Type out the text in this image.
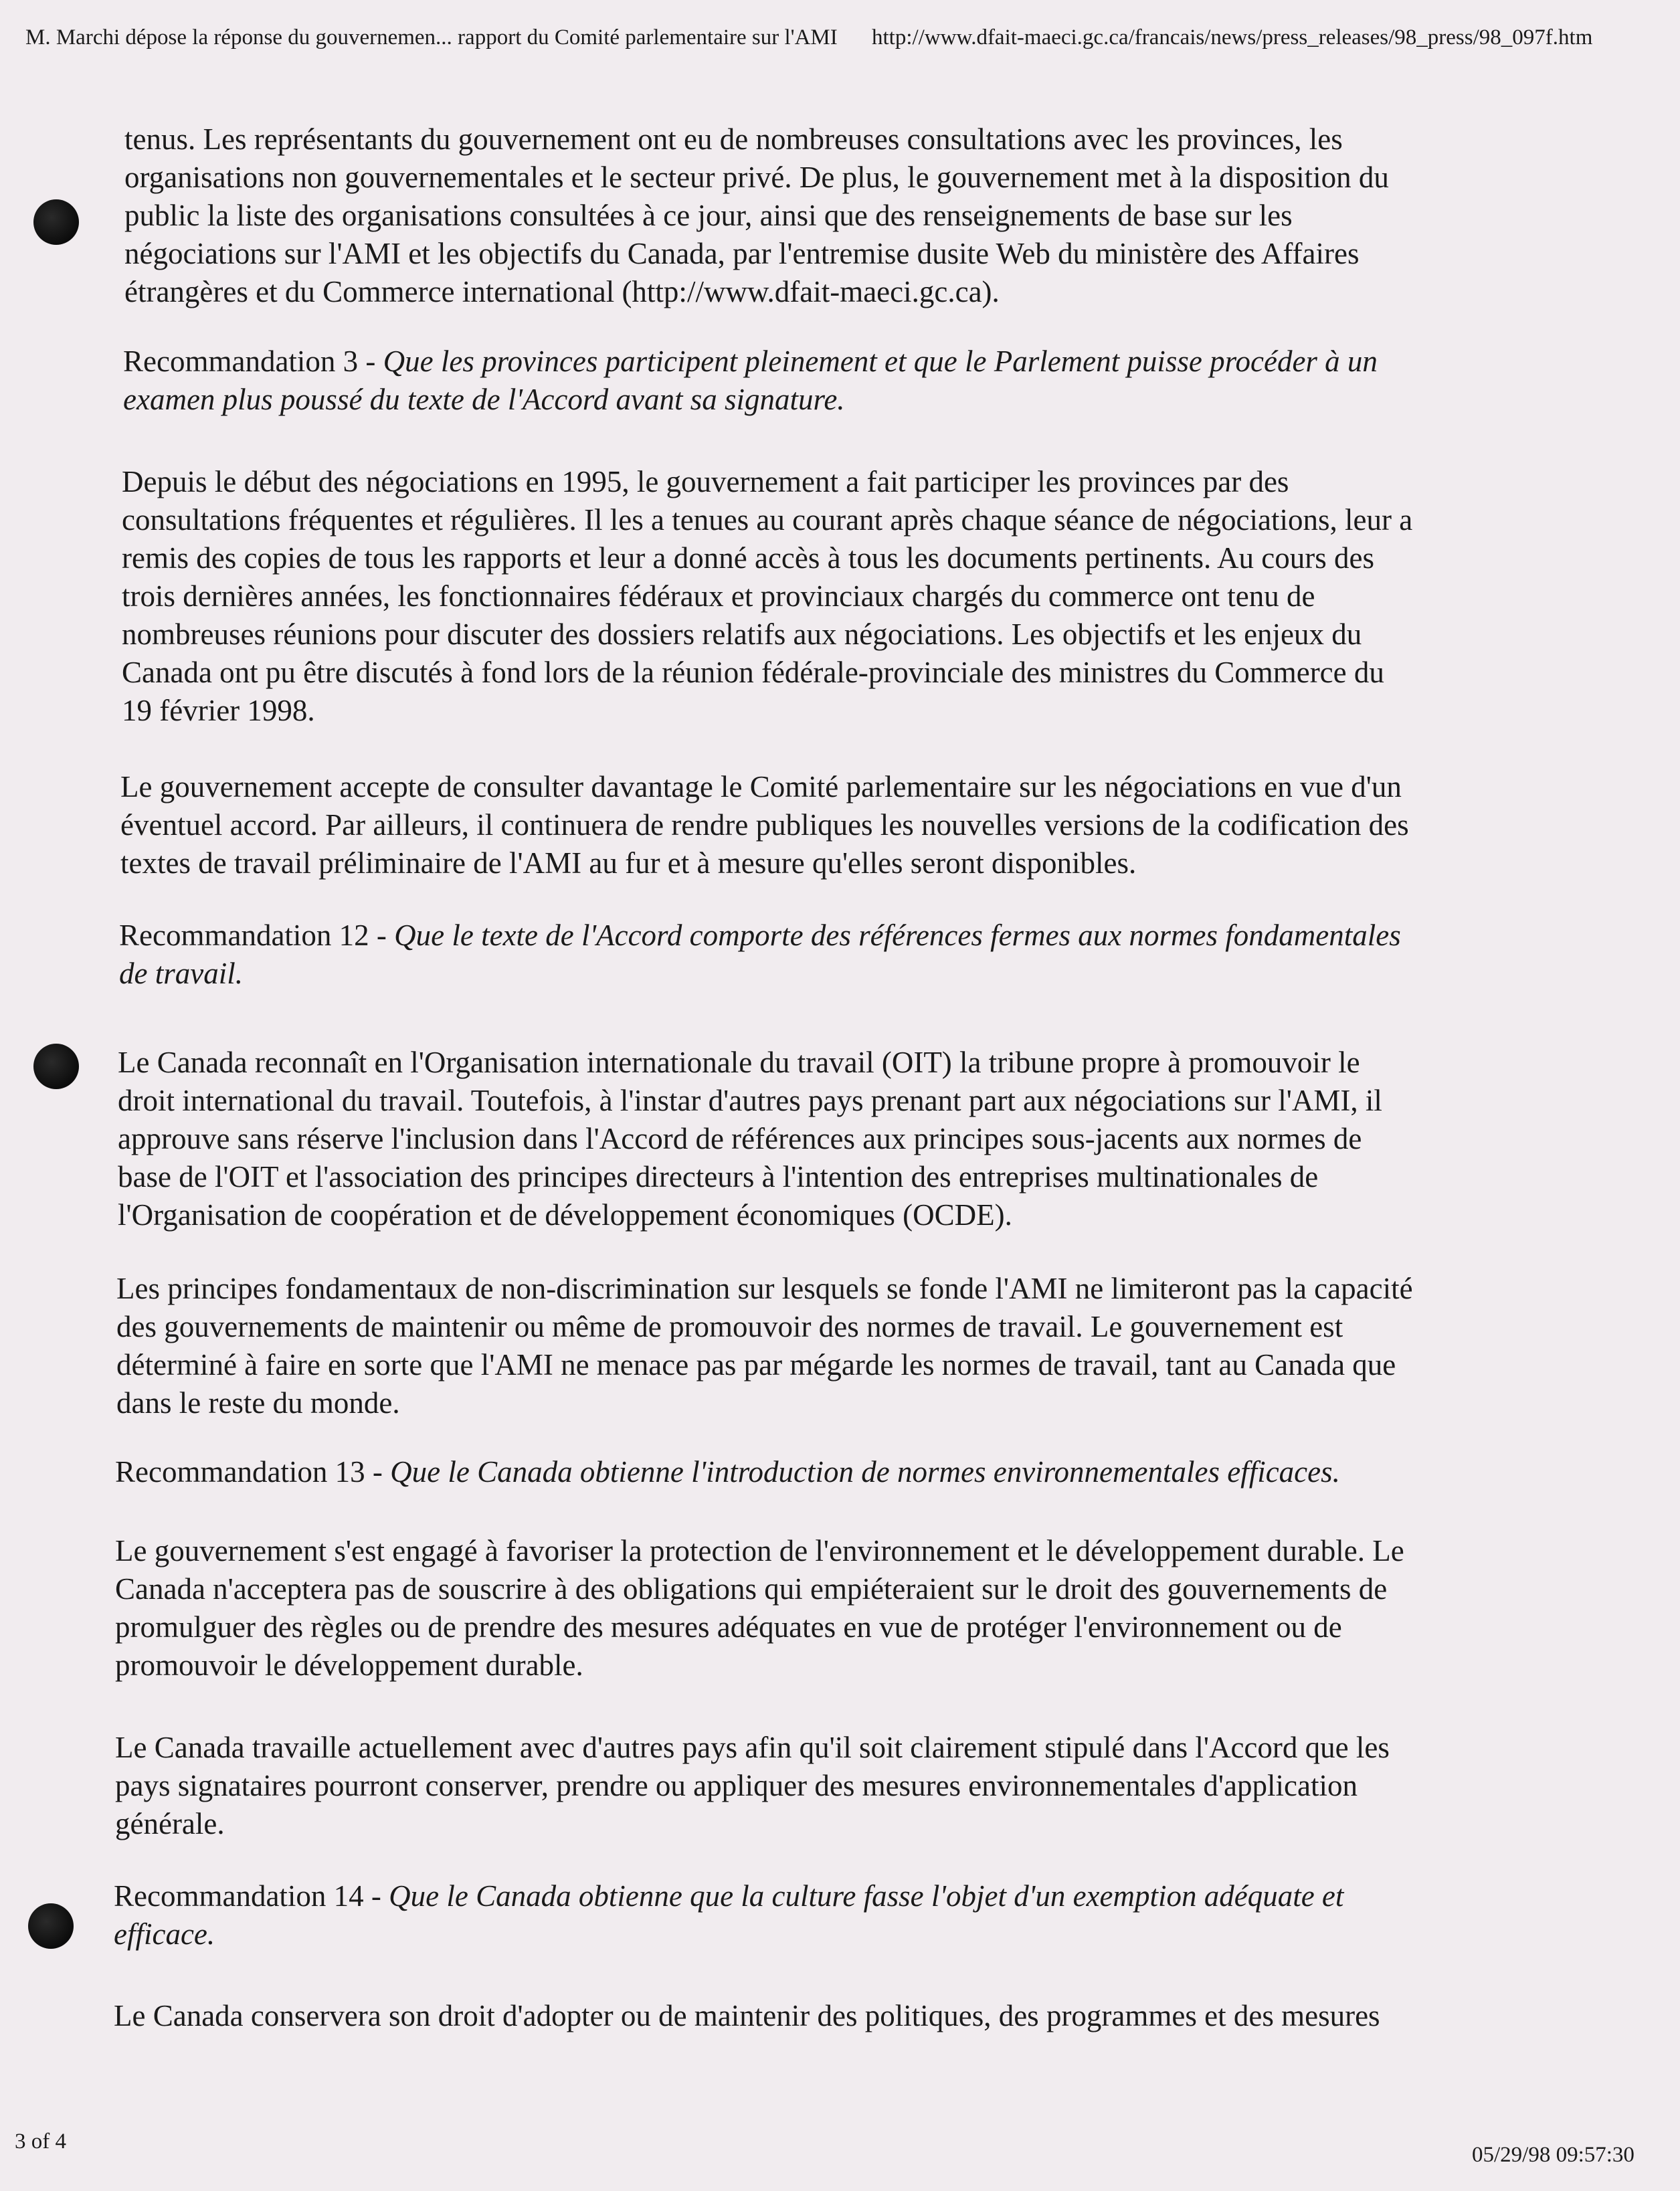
M. Marchi dépose la réponse du gouvernemen... rapport du Comité parlementaire sur l'AMI http://www.dfait-maeci.gc.ca/francais/news/press_releases/98_press/98_097f.htm
tenus. Les représentants du gouvernement ont eu de nombreuses consultations avec les provinces, les
organisations non gouvernementales et le secteur privé. De plus, le gouvernement met à la disposition du
public la liste des organisations consultées à ce jour, ainsi que des renseignements de base sur les
négociations sur l'AMI et les objectifs du Canada, par l'entremise dusite Web du ministère des Affaires
étrangères et du Commerce international (http://www.dfait-maeci.gc.ca).
Recommandation 3 - Que les provinces participent pleinement et que le Parlement puisse procéder à un
examen plus poussé du texte de l'Accord avant sa signature.
Depuis le début des négociations en 1995, le gouvernement a fait participer les provinces par des
consultations fréquentes et régulières. Il les a tenues au courant après chaque séance de négociations, leur a
remis des copies de tous les rapports et leur a donné accès à tous les documents pertinents. Au cours des
trois dernières années, les fonctionnaires fédéraux et provinciaux chargés du commerce ont tenu de
nombreuses réunions pour discuter des dossiers relatifs aux négociations. Les objectifs et les enjeux du
Canada ont pu être discutés à fond lors de la réunion fédérale-provinciale des ministres du Commerce du
19 février 1998.
Le gouvernement accepte de consulter davantage le Comité parlementaire sur les négociations en vue d'un
éventuel accord. Par ailleurs, il continuera de rendre publiques les nouvelles versions de la codification des
textes de travail préliminaire de l'AMI au fur et à mesure qu'elles seront disponibles.
Recommandation 12 - Que le texte de l'Accord comporte des références fermes aux normes fondamentales
de travail.
Le Canada reconnaît en l'Organisation internationale du travail (OIT) la tribune propre à promouvoir le
droit international du travail. Toutefois, à l'instar d'autres pays prenant part aux négociations sur l'AMI, il
approuve sans réserve l'inclusion dans l'Accord de références aux principes sous-jacents aux normes de
base de l'OIT et l'association des principes directeurs à l'intention des entreprises multinationales de
l'Organisation de coopération et de développement économiques (OCDE).
Les principes fondamentaux de non-discrimination sur lesquels se fonde l'AMI ne limiteront pas la capacité
des gouvernements de maintenir ou même de promouvoir des normes de travail. Le gouvernement est
déterminé à faire en sorte que l'AMI ne menace pas par mégarde les normes de travail, tant au Canada que
dans le reste du monde.
Recommandation 13 - Que le Canada obtienne l'introduction de normes environnementales efficaces.
Le gouvernement s'est engagé à favoriser la protection de l'environnement et le développement durable. Le
Canada n'acceptera pas de souscrire à des obligations qui empiéteraient sur le droit des gouvernements de
promulguer des règles ou de prendre des mesures adéquates en vue de protéger l'environnement ou de
promouvoir le développement durable.
Le Canada travaille actuellement avec d'autres pays afin qu'il soit clairement stipulé dans l'Accord que les
pays signataires pourront conserver, prendre ou appliquer des mesures environnementales d'application
générale.
Recommandation 14 - Que le Canada obtienne que la culture fasse l'objet d'un exemption adéquate et
efficace.
Le Canada conservera son droit d'adopter ou de maintenir des politiques, des programmes et des mesures
3 of 4
05/29/98 09:57:30
